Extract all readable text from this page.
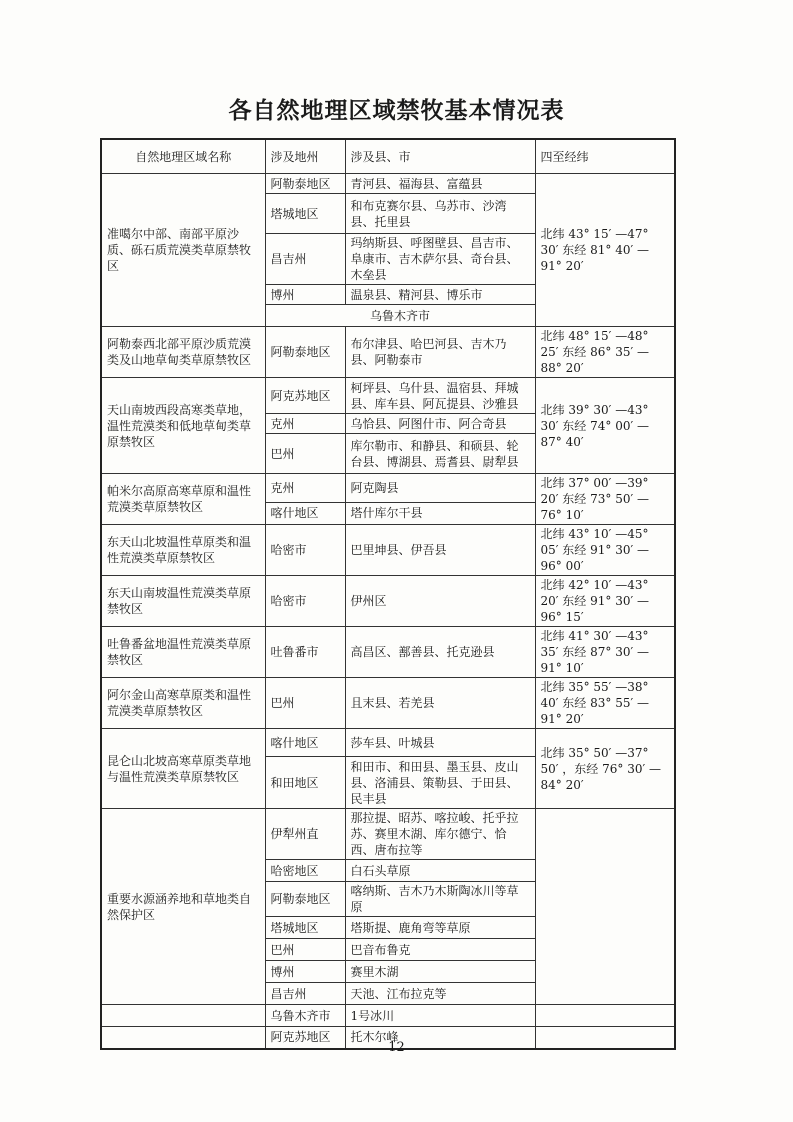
各自然地理区域禁牧基本情况表
自然地理区域名称	涉及地州	涉及县、市	四至经纬
准噶尔中部、南部平原沙质、砾石质荒漠类草原禁牧区	阿勒泰地区	青河县、福海县、富蕴县	北纬 43° 15′ —47° 30′ 东经 81° 40′ —91° 20′
	塔城地区	和布克赛尔县、乌苏市、沙湾县、托里县	
	昌吉州	玛纳斯县、呼图壁县、昌吉市、阜康市、吉木萨尔县、奇台县、木垒县	
	博州	温泉县、精河县、博乐市	
	乌鲁木齐市		
阿勒泰西北部平原沙质荒漠类及山地草甸类草原禁牧区	阿勒泰地区	布尔津县、哈巴河县、吉木乃县、阿勒泰市	北纬 48° 15′ —48° 25′ 东经 86° 35′ —88° 20′
天山南坡西段高寒类草地，温性荒漠类和低地草甸类草原禁牧区	阿克苏地区	柯坪县、乌什县、温宿县、拜城县、库车县、阿瓦提县、沙雅县	北纬 39° 30′ —43° 30′ 东经 74° 00′ —87° 40′
	克州	乌恰县、阿图什市、阿合奇县	
	巴州	库尔勒市、和静县、和硕县、轮台县、博湖县、焉耆县、尉犁县	
帕米尔高原高寒草原和温性荒漠类草原禁牧区	克州	阿克陶县	北纬 37° 00′ —39° 20′ 东经 73° 50′ —76° 10′
	喀什地区	塔什库尔干县	
东天山北坡温性草原类和温性荒漠类草原禁牧区	哈密市	巴里坤县、伊吾县	北纬 43° 10′ —45° 05′ 东经 91° 30′ —96° 00′
东天山南坡温性荒漠类草原禁牧区	哈密市	伊州区	北纬 42° 10′ —43° 20′ 东经 91° 30′ —96° 15′
吐鲁番盆地温性荒漠类草原禁牧区	吐鲁番市	高昌区、鄯善县、托克逊县	北纬 41° 30′ —43° 35′ 东经 87° 30′ —91° 10′
阿尔金山高寒草原类和温性荒漠类草原禁牧区	巴州	且末县、若羌县	北纬 35° 55′ —38° 40′ 东经 83° 55′ —91° 20′
昆仑山北坡高寒草原类草地与温性荒漠类草原禁牧区	喀什地区	莎车县、叶城县	北纬 35° 50′ —37° 50′ ，东经 76° 30′ —84° 20′
	和田地区	和田市、和田县、墨玉县、皮山县、洛浦县、策勒县、于田县、民丰县	
重要水源涵养地和草地类自然保护区	伊犁州直	那拉提、昭苏、喀拉峻、托乎拉苏、赛里木湖、库尔德宁、恰西、唐布拉等	
	哈密地区	白石头草原	
	阿勒泰地区	喀纳斯、吉木乃木斯陶冰川等草原	
	塔城地区	塔斯提、鹿角弯等草原	
	巴州	巴音布鲁克	
	博州	赛里木湖	
	昌吉州	天池、江布拉克等	
	乌鲁木齐市	1号冰川	
	阿克苏地区	托木尔峰	
12
